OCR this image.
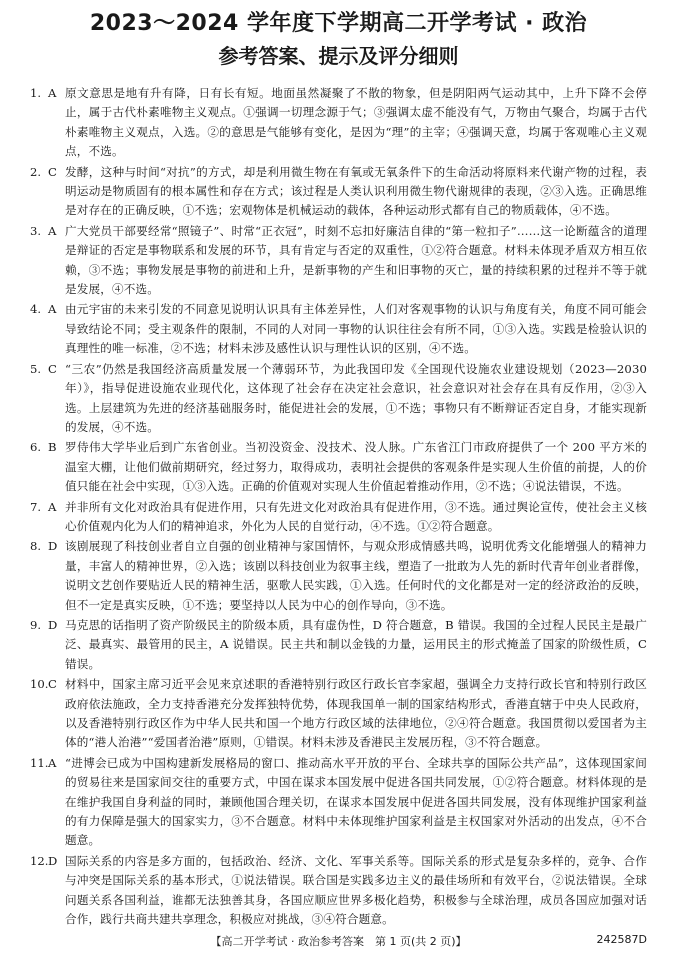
2023～2024 学年度下学期高二开学考试 · 政治
参考答案、提示及评分细则
1. A 原文意思是地有升有降，日有长有短。地面虽然凝聚了不散的物象，但是阴阳两气运动其中，上升下降不会停止，属于古代朴素唯物主义观点。①强调一切理念源于气；③强调太虚不能没有气，万物由气聚合，均属于古代朴素唯物主义观点，入选。②的意思是气能够有变化，是因为“理”的主宰；④强调天意，均属于客观唯心主义观点，不选。
2. C 发酵，这种与时间“对抗”的方式，却是利用微生物在有氧或无氧条件下的生命活动将原料来代谢产物的过程，表明运动是物质固有的根本属性和存在方式；该过程是人类认识利用微生物代谢规律的表现，②③入选。正确思维是对存在的正确反映，①不选；宏观物体是机械运动的载体，各种运动形式都有自己的物质载体，④不选。
3. A 广大党员干部要经常“照镜子”、时常“正衣冠”，时刻不忘扣好廉洁自律的“第一粒扣子”……这一论断蕴含的道理是辩证的否定是事物联系和发展的环节，具有肯定与否定的双重性，①②符合题意。材料未体现矛盾双方相互依赖，③不选；事物发展是事物的前进和上升，是新事物的产生和旧事物的灭亡，量的持续积累的过程并不等于就是发展，④不选。
4. A 由元宇宙的未来引发的不同意见说明认识具有主体差异性，人们对客观事物的认识与角度有关，角度不同可能会导致结论不同；受主观条件的限制，不同的人对同一事物的认识往往会有所不同，①③入选。实践是检验认识的真理性的唯一标准，②不选；材料未涉及感性认识与理性认识的区别，④不选。
5. C “三农”仍然是我国经济高质量发展一个薄弱环节，为此我国印发《全国现代设施农业建设规划（2023—2030年）》，指导促进设施农业现代化，这体现了社会存在决定社会意识，社会意识对社会存在具有反作用，②③入选。上层建筑为先进的经济基础服务时，能促进社会的发展，①不选；事物只有不断辩证否定自身，才能实现新的发展，④不选。
6. B 罗侍伟大学毕业后到广东省创业。当初没资金、没技术、没人脉。广东省江门市政府提供了一个 200 平方米的温室大棚，让他们做前期研究，经过努力，取得成功，表明社会提供的客观条件是实现人生价值的前提，人的价值只能在社会中实现，①③入选。正确的价值观对实现人生价值起着推动作用，②不选；④说法错误，不选。
7. A 并非所有文化对政治具有促进作用，只有先进文化对政治具有促进作用，③不选。通过舆论宣传，使社会主义核心价值观内化为人们的精神追求，外化为人民的自觉行动，④不选。①②符合题意。
8. D 该剧展现了科技创业者自立自强的创业精神与家国情怀，与观众形成情感共鸣，说明优秀文化能增强人的精神力量，丰富人的精神世界，②入选；该剧以科技创业为叙事主线，塑造了一批敢为人先的新时代青年创业者群像，说明文艺创作要贴近人民的精神生活，驱歌人民实践，①入选。任何时代的文化都是对一定的经济政治的反映，但不一定是真实反映，①不选；要坚持以人民为中心的创作导向，③不选。
9. D 马克思的话指明了资产阶级民主的阶级本质，具有虚伪性，D 符合题意，B 错误。我国的全过程人民民主是最广泛、最真实、最管用的民主，A 说错误。民主共和制以金钱的力量，运用民主的形式掩盖了国家的阶级性质，C 错误。
10. C 材料中，国家主席习近平会见来京述职的香港特别行政区行政长官李家超，强调全力支持行政长官和特别行政区政府依法施政，全力支持香港充分发挥独特优势，体现我国单一制的国家结构形式，香港直辖于中央人民政府，以及香港特别行政区作为中华人民共和国一个地方行政区域的法律地位，②④符合题意。我国贯彻以爱国者为主体的“港人治港”“爱国者治港”原则，①错误。材料未涉及香港民主发展历程，③不符合题意。
11. A “进博会已成为中国构建新发展格局的窗口、推动高水平开放的平台、全球共享的国际公共产品”，这体现国家间的贸易往来是国家间交往的重要方式，中国在谋求本国发展中促进各国共同发展，①②符合题意。材料体现的是在维护我国自身利益的同时，兼顾他国合理关切，在谋求本国发展中促进各国共同发展，没有体现维护国家利益的有力保障是强大的国家实力，③不合题意。材料中未体现维护国家利益是主权国家对外活动的出发点，④不合题意。
12. D 国际关系的内容是多方面的，包括政治、经济、文化、军事关系等。国际关系的形式是复杂多样的，竞争、合作与冲突是国际关系的基本形式，①说法错误。联合国是实践多边主义的最佳场所和有效平台，②说法错误。全球问题关系各国利益，谁都无法独善其身，各国应顺应世界多极化趋势，积极参与全球治理，成员各国应加强对话合作，践行共商共建共享理念，积极应对挑战，③④符合题意。
【高二开学考试 · 政治参考答案　第 1 页(共 2 页)】	242587D
